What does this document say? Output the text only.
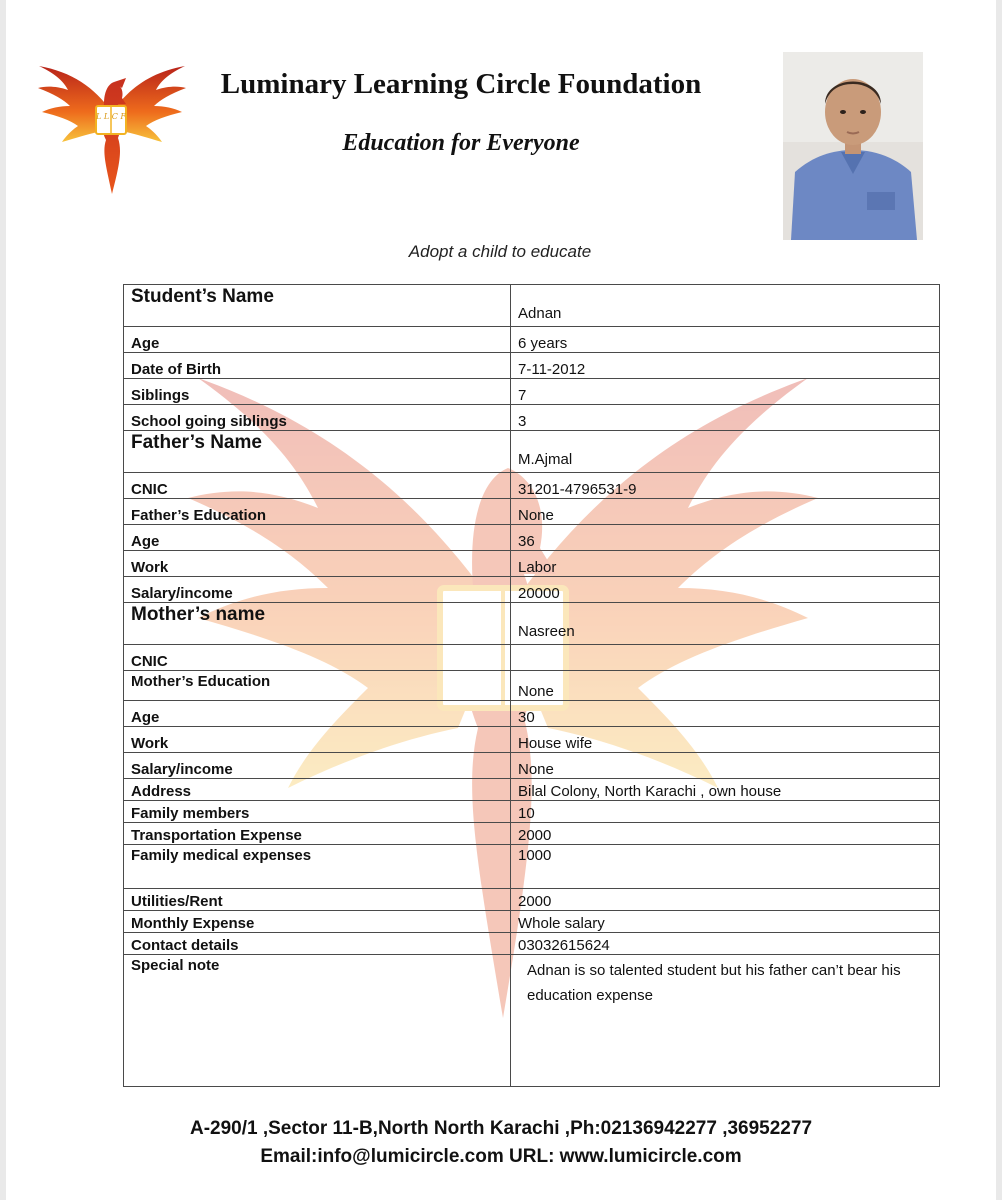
L L C F
Luminary Learning Circle Foundation
Education for Everyone
Adopt a child to educate
Student’s Name	Adnan
Age	6 years
Date of Birth	7-11-2012
Siblings	7
School going siblings	3
Father’s Name	M.Ajmal
CNIC	31201-4796531-9
Father’s Education	None
Age	36
Work	Labor
Salary/income	20000
Mother’s name	Nasreen
CNIC	
Mother’s Education	None
Age	30
Work	House wife
Salary/income	None
Address	Bilal Colony, North Karachi , own house
Family members	10
Transportation Expense	2000
Family medical expenses	1000
Utilities/Rent	2000
Monthly Expense	Whole salary
Contact details	03032615624
Special note	Adnan is so talented student but his father can’t bear his education expense
A-290/1 ,Sector 11-B,North North Karachi ,Ph:02136942277 ,36952277
Email:info@lumicircle.com URL: www.lumicircle.com
